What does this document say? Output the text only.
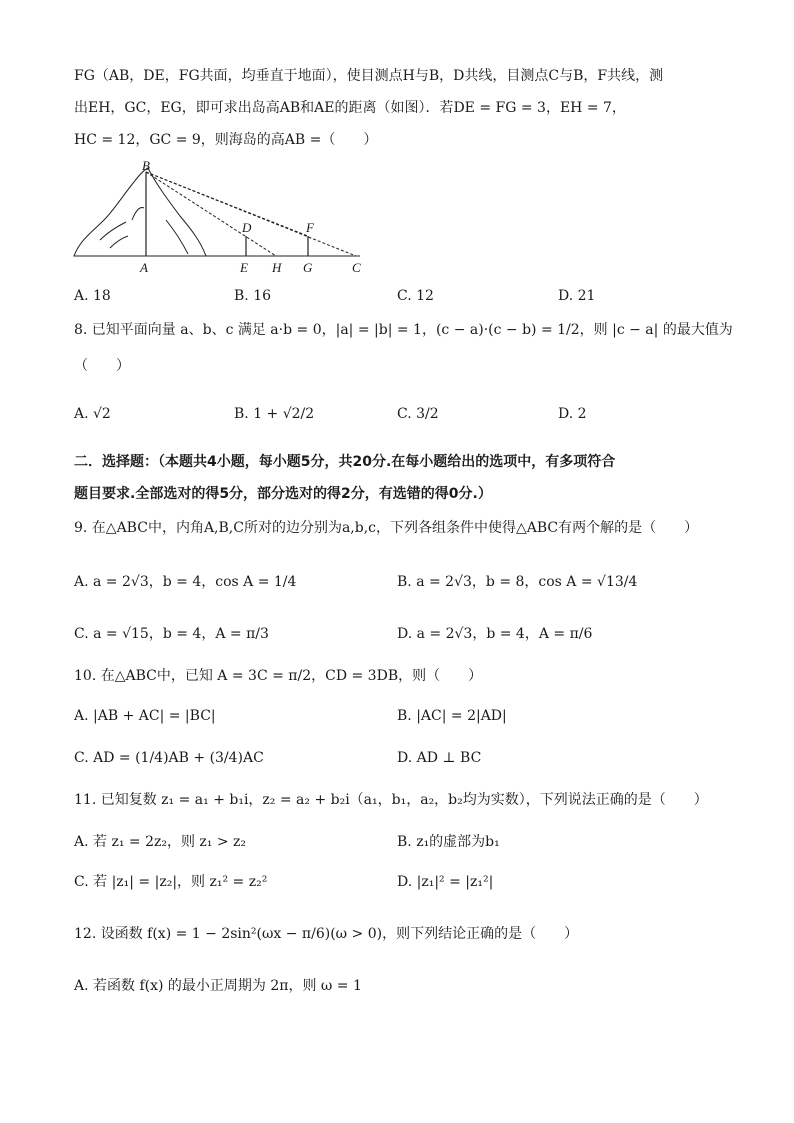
FG（AB，DE，FG共面，均垂直于地面），使目测点H与B，D共线，目测点C与B，F共线，测
出EH，GC，EG，即可求出岛高AB和AE的距离（如图）．若DE = FG = 3，EH = 7，
HC = 12，GC = 9，则海岛的高AB =（　　）
B
D	F
A	E H G	C
A. 18	B. 16	C. 12	D. 21
8. 已知平面向量 a、b、c 满足 a·b = 0，|a| = |b| = 1，(c − a)·(c − b) = 1/2，则 |c − a| 的最大值为
（　　）
A. √2	B. 1 + √2/2	C. 3/2	D. 2
二．选择题：（本题共4小题，每小题5分，共20分.在每小题给出的选项中，有多项符合
题目要求.全部选对的得5分，部分选对的得2分，有选错的得0分.）
9. 在△ABC中，内角A,B,C所对的边分别为a,b,c，下列各组条件中使得△ABC有两个解的是（　　）
A. a = 2√3，b = 4，cos A = 1/4	B. a = 2√3，b = 8，cos A = √13/4
C. a = √15，b = 4，A = π/3	D. a = 2√3，b = 4，A = π/6
10. 在△ABC中，已知 A = 3C = π/2，CD = 3DB，则（　　）
A. |AB + AC| = |BC|	B. |AC| = 2|AD|
C. AD = (1/4)AB + (3/4)AC	D. AD ⊥ BC
11. 已知复数 z₁ = a₁ + b₁i，z₂ = a₂ + b₂i（a₁，b₁，a₂，b₂均为实数），下列说法正确的是（　　）
A. 若 z₁ = 2z₂，则 z₁ > z₂	B. z₁的虚部为b₁
C. 若 |z₁| = |z₂|，则 z₁² = z₂²	D. |z₁|² = |z₁²|
12. 设函数 f(x) = 1 − 2sin²(ωx − π/6)(ω > 0)，则下列结论正确的是（　　）
A. 若函数 f(x) 的最小正周期为 2π，则 ω = 1
